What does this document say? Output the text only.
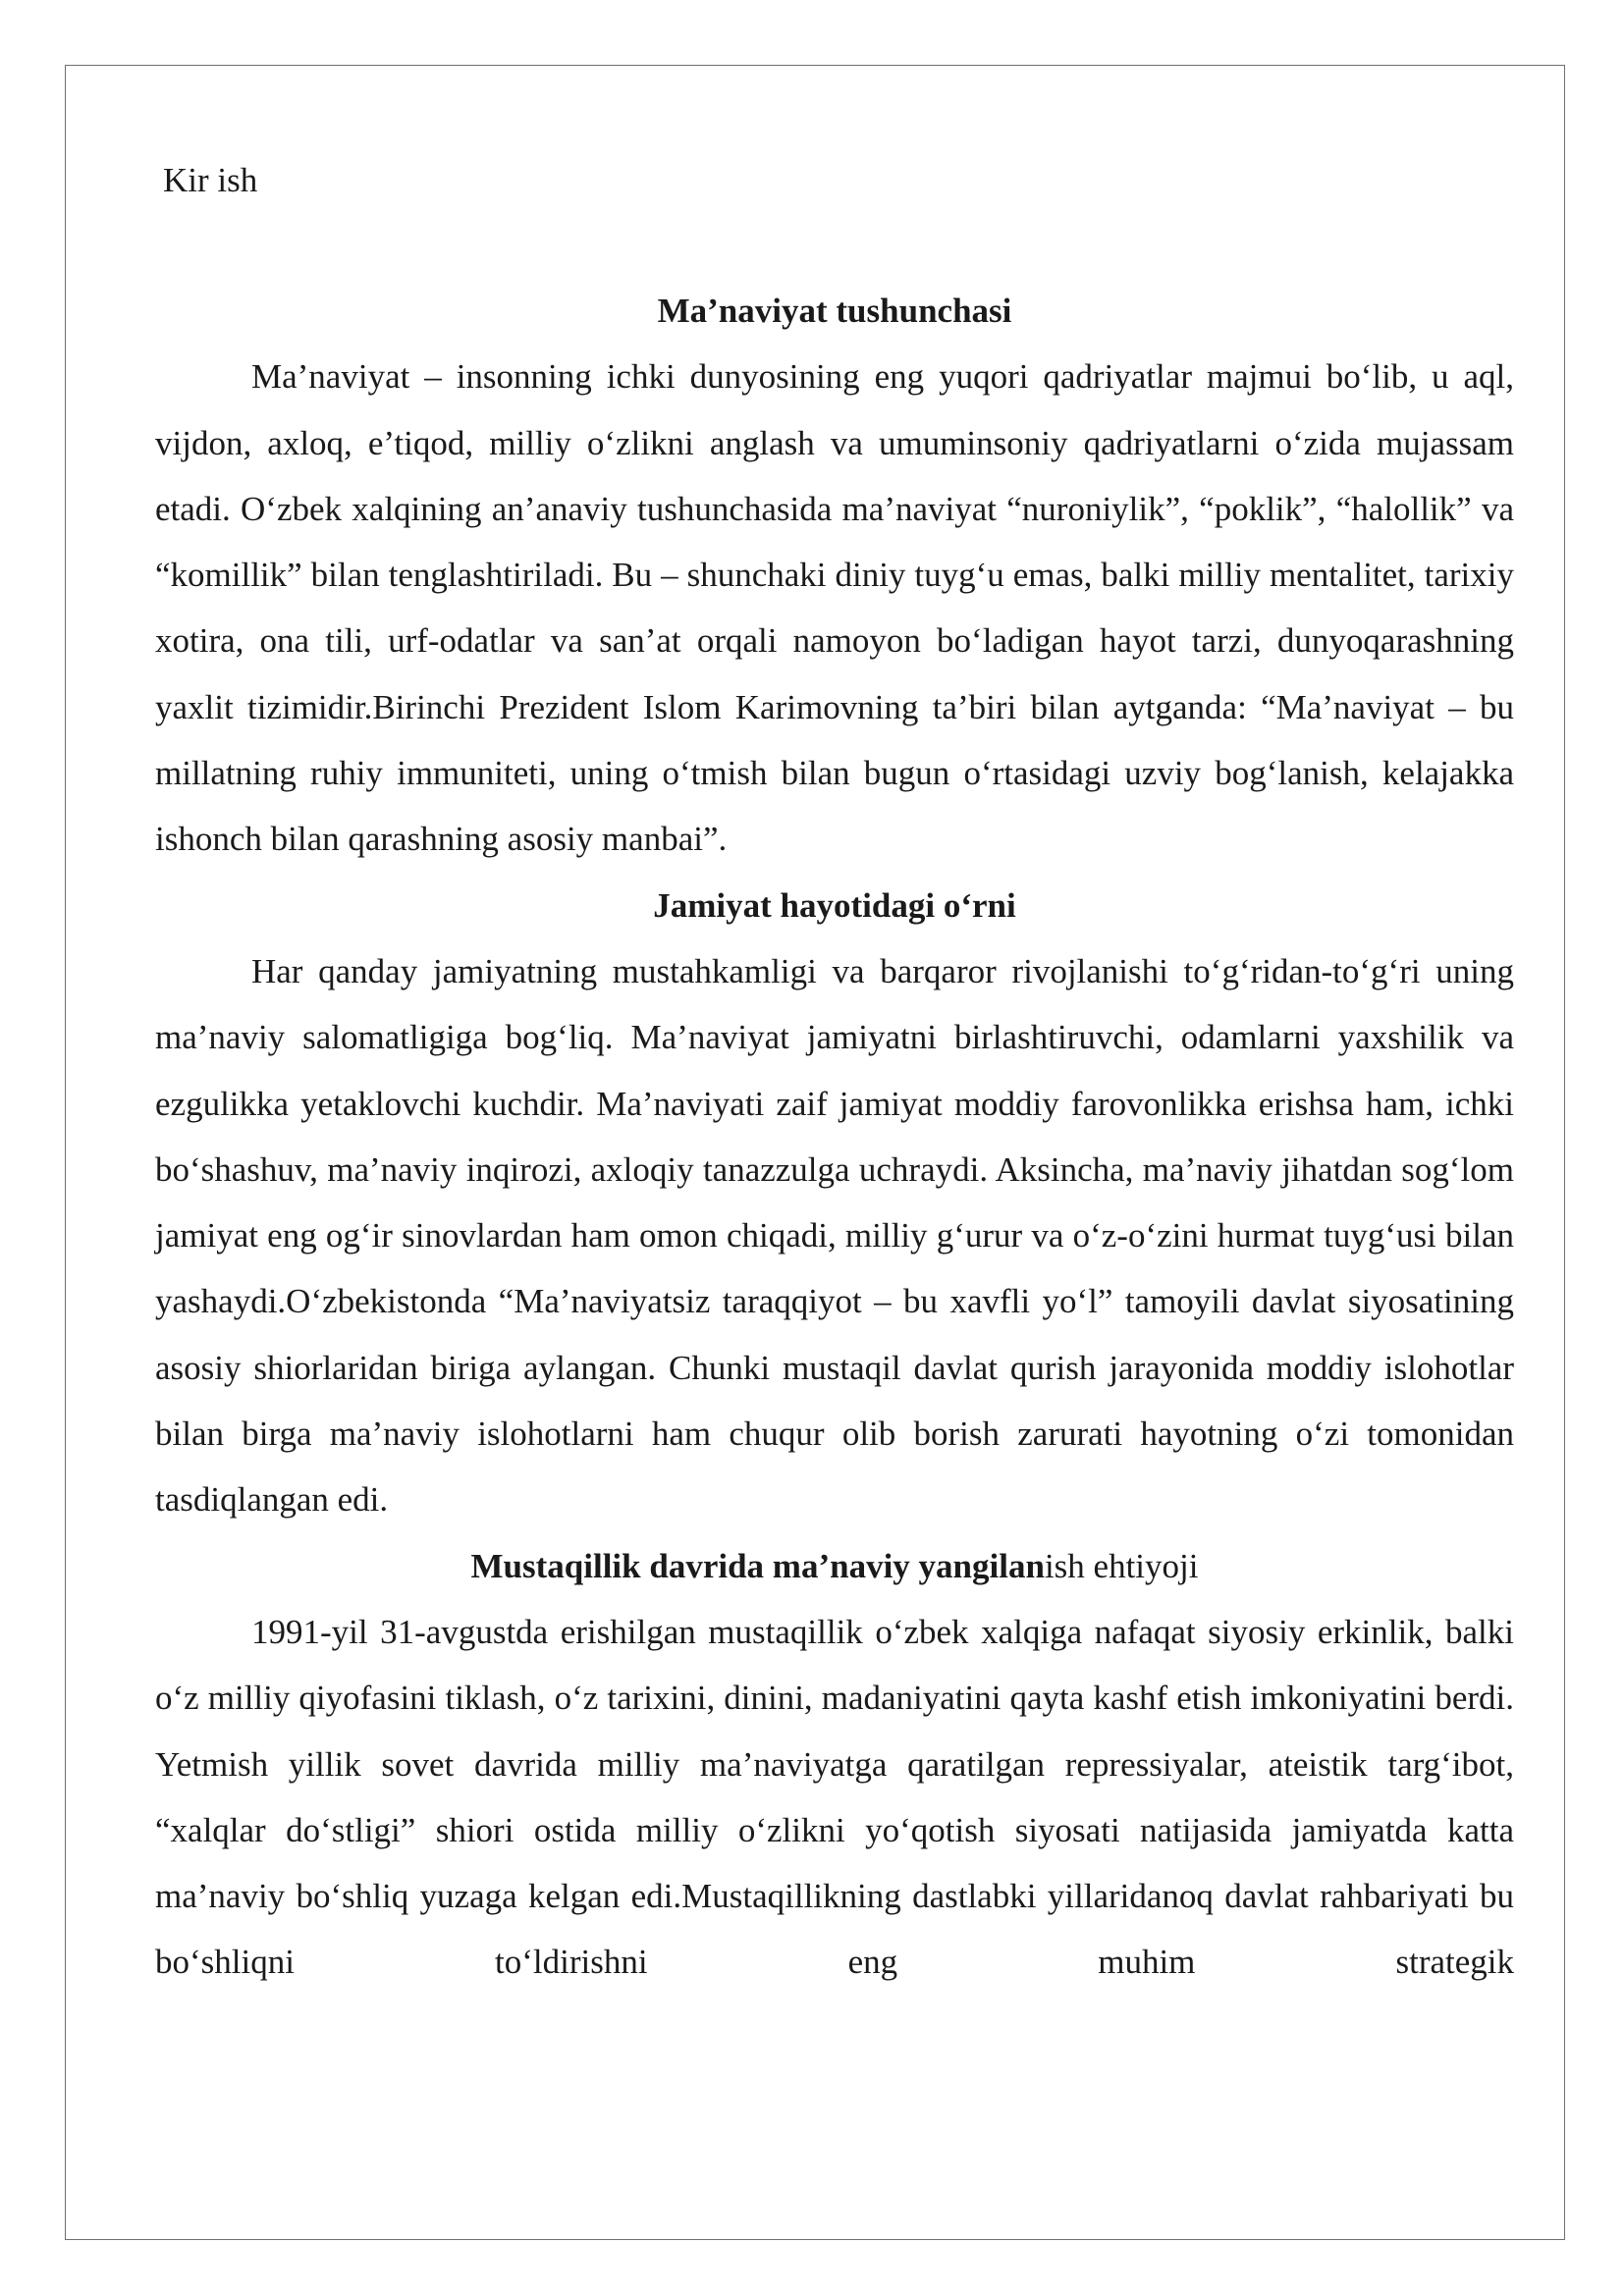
Kir ish
Ma’naviyat tushunchasi

Ma’naviyat – insonning ichki dunyosining eng yuqori qadriyatlar majmui bo‘lib, u aql, vijdon, axloq, e’tiqod, milliy o‘zlikni anglash va umuminsoniy qadriyatlarni o‘zida mujassam etadi. O‘zbek xalqining an’anaviy tushunchasida ma’naviyat “nuroniylik”, “poklik”, “halollik” va “komillik” bilan tenglashtiriladi. Bu – shunchaki diniy tuyg‘u emas, balki milliy mentalitet, tarixiy xotira, ona tili, urf-odatlar va san’at orqali namoyon bo‘ladigan hayot tarzi, dunyoqarashning yaxlit tizimidir.Birinchi Prezident Islom Karimovning ta’biri bilan aytganda: “Ma’naviyat – bu millatning ruhiy immuniteti, uning o‘tmish bilan bugun o‘rtasidagi uzviy bog‘lanish, kelajakka ishonch bilan qarashning asosiy manbai”.

Jamiyat hayotidagi o‘rni

Har qanday jamiyatning mustahkamligi va barqaror rivojlanishi to‘g‘ridan-to‘g‘ri uning ma’naviy salomatligiga bog‘liq. Ma’naviyat jamiyatni birlashtiruvchi, odamlarni yaxshilik va ezgulikka yetaklovchi kuchdir. Ma’naviyati zaif jamiyat moddiy farovonlikka erishsa ham, ichki bo‘shashuv, ma’naviy inqirozi, axloqiy tanazzulga uchraydi. Aksincha, ma’naviy jihatdan sog‘lom jamiyat eng og‘ir sinovlardan ham omon chiqadi, milliy g‘urur va o‘z-o‘zini hurmat tuyg‘usi bilan yashaydi.O‘zbekistonda “Ma’naviyatsiz taraqqiyot – bu xavfli yo‘l” tamoyili davlat siyosatining asosiy shiorlaridan biriga aylangan. Chunki mustaqil davlat qurish jarayonida moddiy islohotlar bilan birga ma’naviy islohotlarni ham chuqur olib borish zarurati hayotning o‘zi tomonidan tasdiqlangan edi.

Mustaqillik davrida ma’naviy yangilanish ehtiyoji

1991-yil 31-avgustda erishilgan mustaqillik o‘zbek xalqiga nafaqat siyosiy erkinlik, balki o‘z milliy qiyofasini tiklash, o‘z tarixini, dinini, madaniyatini qayta kashf etish imkoniyatini berdi. Yetmish yillik sovet davrida milliy ma’naviyatga qaratilgan repressiyalar, ateistik targ‘ibot, “xalqlar do‘stligi” shiori ostida milliy o‘zlikni yo‘qotish siyosati natijasida jamiyatda katta ma’naviy bo‘shliq yuzaga kelgan edi.Mustaqillikning dastlabki yillaridanoq davlat rahbariyati bu bo‘shliqni to‘ldirishni eng muhim strategik
